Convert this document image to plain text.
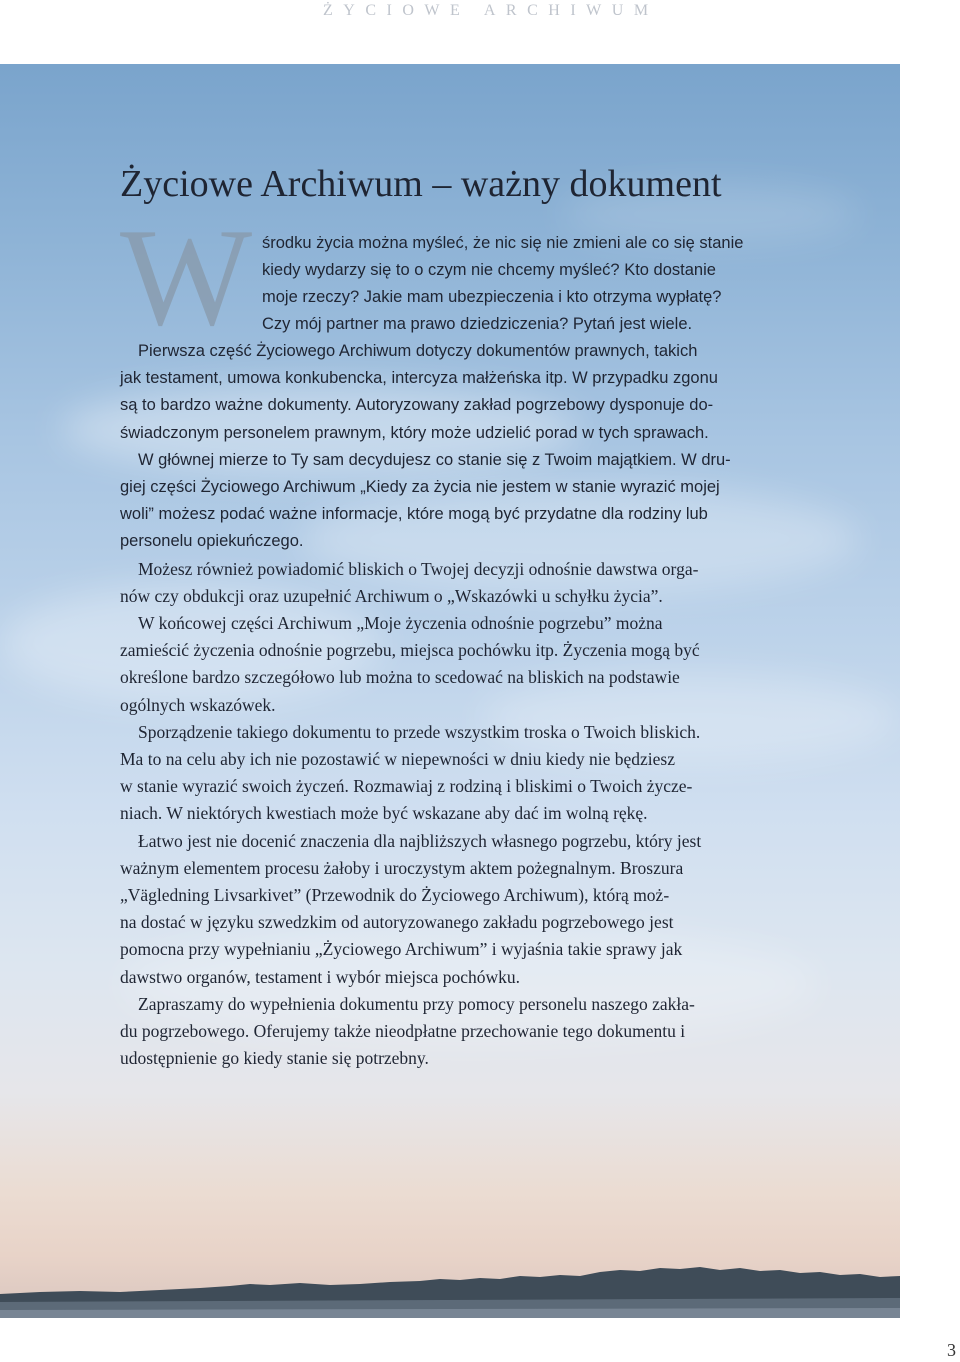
ŻYCIOWE ARCHIWUM
Życiowe Archiwum – ważny dokument
W środku życia można myśleć, że nic się nie zmieni ale co się stanie
kiedy wydarzy się to o czym nie chcemy myśleć? Kto dostanie
moje rzeczy? Jakie mam ubezpieczenia i kto otrzyma wypłatę?
Czy mój partner ma prawo dziedziczenia? Pytań jest wiele.
Pierwsza część Życiowego Archiwum dotyczy dokumentów prawnych, takich
jak testament, umowa konkubencka, intercyza małżeńska itp. W przypadku zgonu
są to bardzo ważne dokumenty. Autoryzowany zakład pogrzebowy dysponuje do-
świadczonym personelem prawnym, który może udzielić porad w tych sprawach.
W głównej mierze to Ty sam decydujesz co stanie się z Twoim majątkiem. W dru-
giej części Życiowego Archiwum „Kiedy za życia nie jestem w stanie wyrazić mojej
woli” możesz podać ważne informacje, które mogą być przydatne dla rodziny lub
personelu opiekuńczego.
Możesz również powiadomić bliskich o Twojej decyzji odnośnie dawstwa orga-
nów czy obdukcji oraz uzupełnić Archiwum o „Wskazówki u schyłku życia”.
W końcowej części Archiwum „Moje życzenia odnośnie pogrzebu” można
zamieścić życzenia odnośnie pogrzebu, miejsca pochówku itp. Życzenia mogą być
określone bardzo szczegółowo lub można to scedować na bliskich na podstawie
ogólnych wskazówek.
Sporządzenie takiego dokumentu to przede wszystkim troska o Twoich bliskich.
Ma to na celu aby ich nie pozostawić w niepewności w dniu kiedy nie będziesz
w stanie wyrazić swoich życzeń. Rozmawiaj z rodziną i bliskimi o Twoich życze-
niach. W niektórych kwestiach może być wskazane aby dać im wolną rękę.
Łatwo jest nie docenić znaczenia dla najbliższych własnego pogrzebu, który jest
ważnym elementem procesu żałoby i uroczystym aktem pożegnalnym. Broszura
„Vägledning Livsarkivet” (Przewodnik do Życiowego Archiwum), którą moż-
na dostać w języku szwedzkim od autoryzowanego zakładu pogrzebowego jest
pomocna przy wypełnianiu „Życiowego Archiwum” i wyjaśnia takie sprawy jak
dawstwo organów, testament i wybór miejsca pochówku.
Zapraszamy do wypełnienia dokumentu przy pomocy personelu naszego zakła-
du pogrzebowego. Oferujemy także nieodpłatne przechowanie tego dokumentu i
udostępnienie go kiedy stanie się potrzebny.
3
